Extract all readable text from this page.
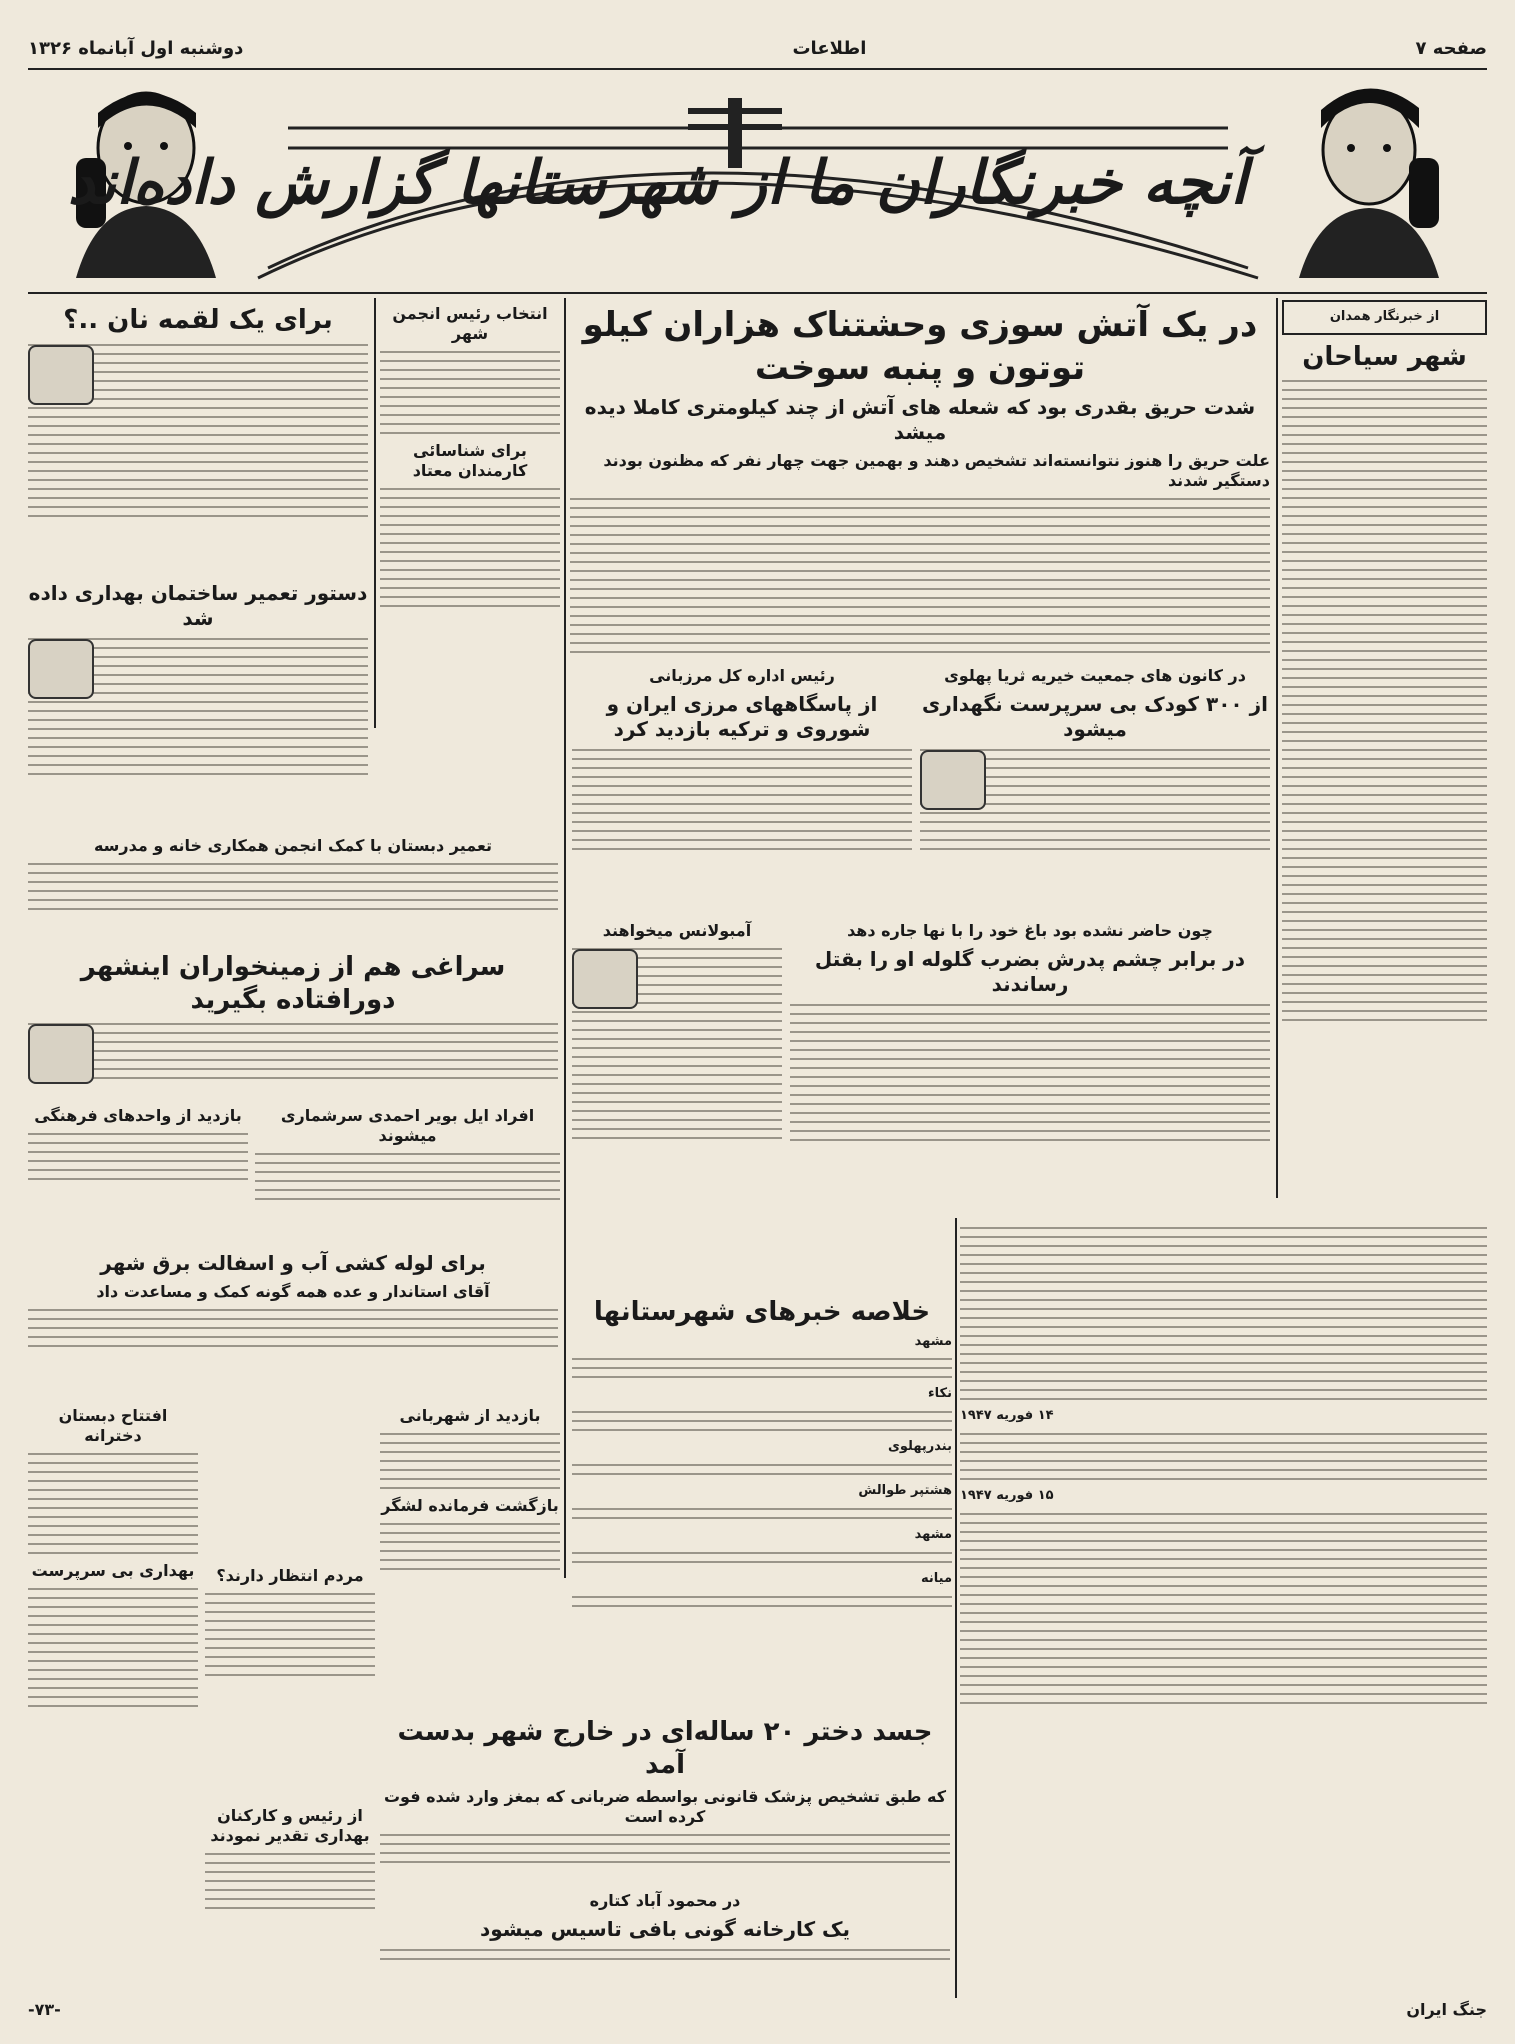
صفحه ۷
اطلاعات
دوشنبه اول آبانماه ۱۳۲۶
آنچه خبرنگاران ما از شهرستانها گزارش داده‌اند
از خبرنگار همدان
شهر سیاحان
در یک آتش سوزی وحشتناک هزاران کیلو توتون و پنبه سوخت
شدت حریق بقدری بود که شعله های آتش از چند کیلومتری کاملا دیده میشد
علت حریق را هنوز نتوانسته‌اند تشخیص دهند و بهمین جهت چهار نفر که مظنون بودند دستگیر شدند
برای یک لقمه نان ..؟	انتخاب رئیس انجمن شهر
برای شناسائی کارمندان معتاد
دستور تعمیر ساختمان بهداری داده شد
در کانون های جمعیت خیریه ثریا پهلوی
از ۳۰۰ کودک بی سرپرست نگهداری میشود
رئیس اداره کل مرزبانی
از پاسگاههای مرزی ایران و شوروی و ترکیه بازدید کرد
تعمیر دبستان با کمک انجمن همکاری خانه و مدرسه
سراغی هم از زمینخواران اینشهر دورافتاده بگیرید
آمبولانس میخواهند	چون حاضر نشده بود باغ خود را با نها جاره دهد
در برابر چشم پدرش بضرب گلوله او را بقتل رساندند
بازدید از واحدهای فرهنگی	افراد ایل بویر احمدی سرشماری میشوند
برای لوله کشی آب و اسفالت برق شهر
آقای استاندار و عده همه گونه کمک و مساعدت داد
خلاصه خبرهای شهرستانها
مشهد
نکاء
بندرپهلوی
هشتپر طوالش
مشهد
میانه
۱۴ فوریه ۱۹۴۷
۱۵ فوریه ۱۹۴۷
بازدید از شهربانی
بازگشت فرمانده لشگر
افتتاح دبستان دخترانه
بهداری بی سرپرست	مردم انتظار دارند؟
جسد دختر ۲۰ ساله‌ای در خارج شهر بدست آمد
که طبق تشخیص پزشک قانونی بواسطه ضربانی که بمغز وارد شده فوت کرده است
از رئیس و کارکنان بهداری تقدیر نمودند
در محمود آباد کتاره
یک کارخانه گونی بافی تاسیس میشود
جنگ ایران
-۷۳-
